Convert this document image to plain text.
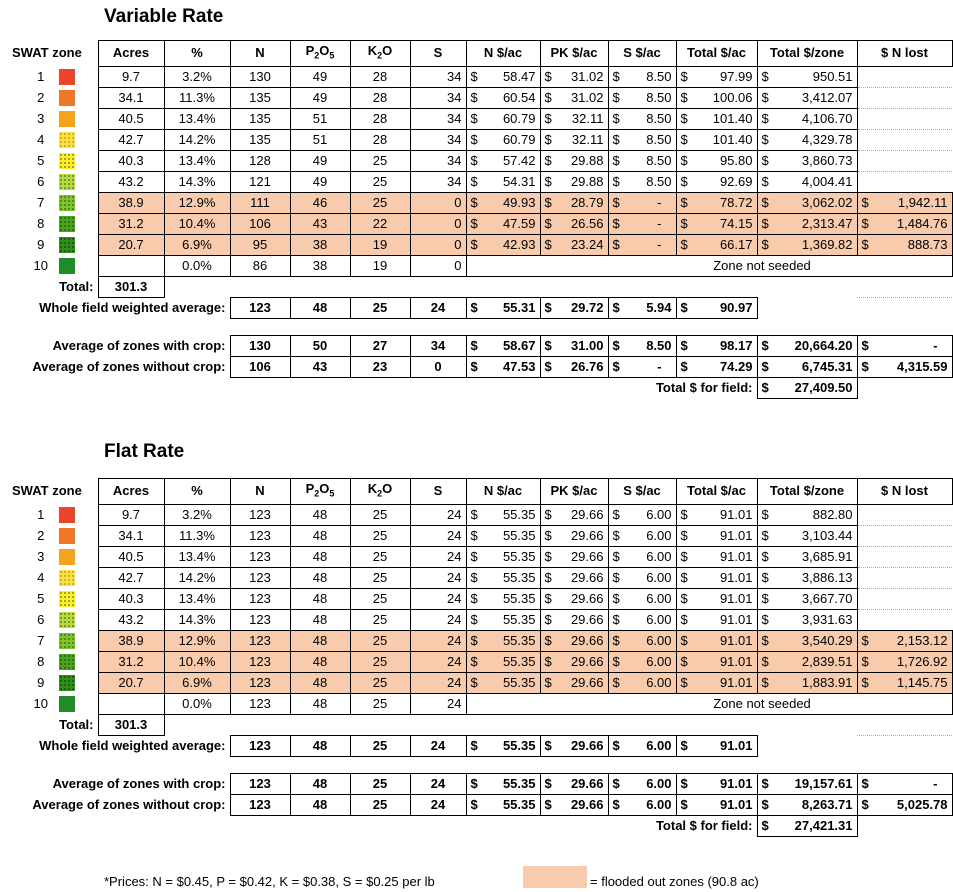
Variable Rate
SWAT zone	Acres	%	N	$P_2O_5$	$K_2O$	S	N $/ac	PK $/ac	S $/ac	Total $/ac	Total $/zone	$ N lost
1	9.7	3.2%	130	49	28	34	$ 58.47	$ 31.02	$ 8.50	$ 97.99	$ 950.51	

2	34.1	11.3%	135	49	28	34	$ 60.54	$ 31.02	$ 8.50	$ 100.06	$ 3,412.07	

3	40.5	13.4%	135	51	28	34	$ 60.79	$ 32.11	$ 8.50	$ 101.40	$ 4,106.70	

4	42.7	14.2%	135	51	28	34	$ 60.79	$ 32.11	$ 8.50	$ 101.40	$ 4,329.78	

5	40.3	13.4%	128	49	25	34	$ 57.42	$ 29.88	$ 8.50	$ 95.80	$ 3,860.73	

6	43.2	14.3%	121	49	25	34	$ 54.31	$ 29.88	$ 8.50	$ 92.69	$ 4,004.41	

7	38.9	12.9%	111	46	25	0	$ 49.93	$ 28.79	$ -	$ 78.72	$ 3,062.02	$ 1,942.11

8	31.2	10.4%	106	43	22	0	$ 47.59	$ 26.56	$ -	$ 74.15	$ 2,313.47	$ 1,484.76

9	20.7	6.9%	95	38	19	0	$ 42.93	$ 23.24	$ -	$ 66.17	$ 1,369.82	$ 888.73

10		0.0%	86	38	19	0	Zone not seeded					
Total:	301.3											
Whole field weighted average:			123	48	25	24	$ 55.31	$ 29.72	$ 5.94	$ 90.97		

Average of zones with crop:			130	50	27	34	$ 58.67	$ 31.00	$ 8.50	$ 98.17	$ 20,664.20	$ -

Average of zones without crop:			106	43	23	0	$ 47.53	$ 26.76	$ -	$ 74.29	$ 6,745.31	$ 4,315.59

									Total $ for field:		$ 27,409.50	

Flat Rate
SWAT zone	Acres	%	N	$P_2O_5$	$K_2O$	S	N $/ac	PK $/ac	S $/ac	Total $/ac	Total $/zone	$ N lost
1	9.7	3.2%	123	48	25	24	$ 55.35	$ 29.66	$ 6.00	$ 91.01	$ 882.80	

2	34.1	11.3%	123	48	25	24	$ 55.35	$ 29.66	$ 6.00	$ 91.01	$ 3,103.44	

3	40.5	13.4%	123	48	25	24	$ 55.35	$ 29.66	$ 6.00	$ 91.01	$ 3,685.91	

4	42.7	14.2%	123	48	25	24	$ 55.35	$ 29.66	$ 6.00	$ 91.01	$ 3,886.13	

5	40.3	13.4%	123	48	25	24	$ 55.35	$ 29.66	$ 6.00	$ 91.01	$ 3,667.70	

6	43.2	14.3%	123	48	25	24	$ 55.35	$ 29.66	$ 6.00	$ 91.01	$ 3,931.63	

7	38.9	12.9%	123	48	25	24	$ 55.35	$ 29.66	$ 6.00	$ 91.01	$ 3,540.29	$ 2,153.12

8	31.2	10.4%	123	48	25	24	$ 55.35	$ 29.66	$ 6.00	$ 91.01	$ 2,839.51	$ 1,726.92

9	20.7	6.9%	123	48	25	24	$ 55.35	$ 29.66	$ 6.00	$ 91.01	$ 1,883.91	$ 1,145.75

10		0.0%	123	48	25	24	Zone not seeded					
Total:	301.3											
Whole field weighted average:			123	48	25	24	$ 55.35	$ 29.66	$ 6.00	$ 91.01		

Average of zones with crop:			123	48	25	24	$ 55.35	$ 29.66	$ 6.00	$ 91.01	$ 19,157.61	$ -

Average of zones without crop:			123	48	25	24	$ 55.35	$ 29.66	$ 6.00	$ 91.01	$ 8,263.71	$ 5,025.78

									Total $ for field:		$ 27,421.31	

*Prices: N = $0.45, P = $0.42, K = $0.38, S = $0.25 per lb	= flooded out zones (90.8 ac)
